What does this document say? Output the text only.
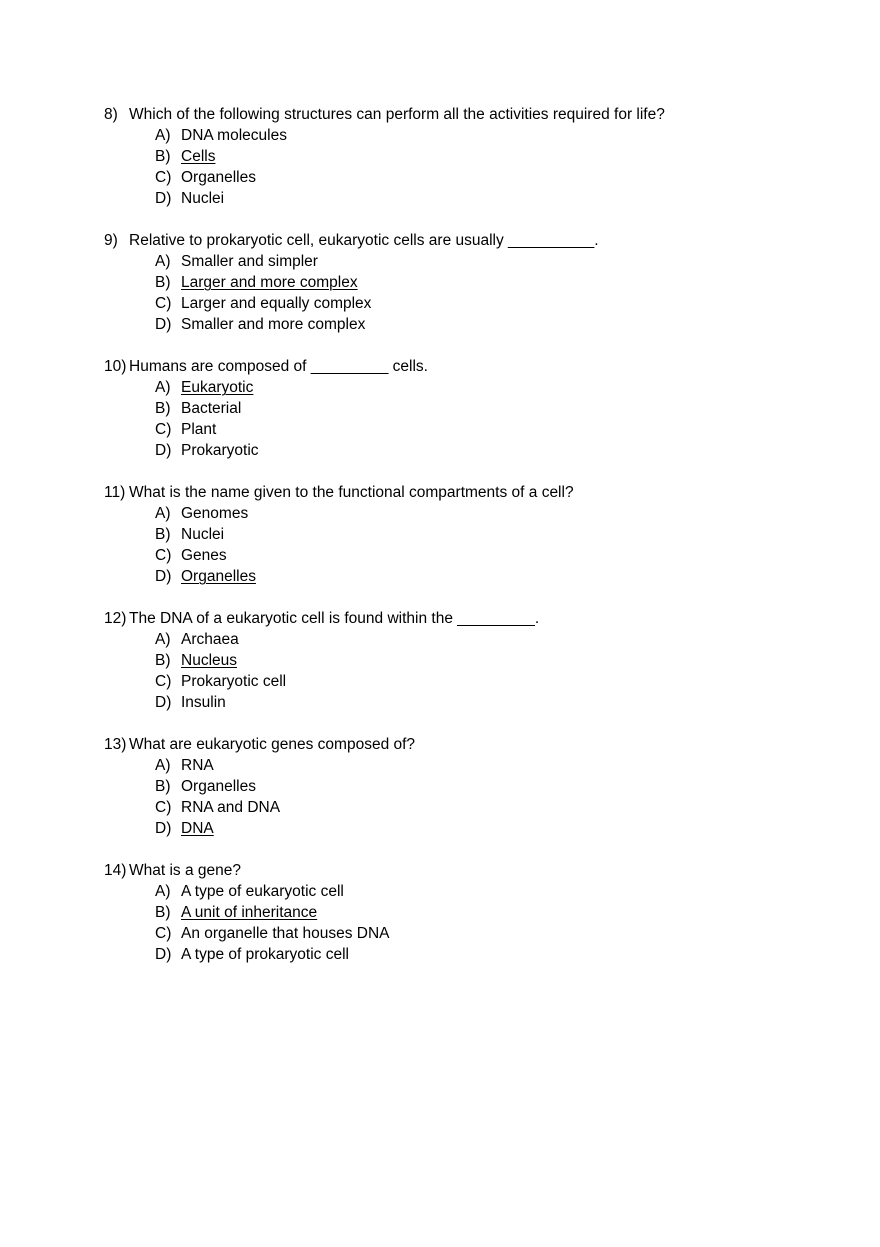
8) Which of the following structures can perform all the activities required for life?
A) DNA molecules
B) Cells
C) Organelles
D) Nuclei
9) Relative to prokaryotic cell, eukaryotic cells are usually __________.
A) Smaller and simpler
B) Larger and more complex
C) Larger and equally complex
D) Smaller and more complex
10) Humans are composed of _________ cells.
A) Eukaryotic
B) Bacterial
C) Plant
D) Prokaryotic
11) What is the name given to the functional compartments of a cell?
A) Genomes
B) Nuclei
C) Genes
D) Organelles
12) The DNA of a eukaryotic cell is found within the _________.
A) Archaea
B) Nucleus
C) Prokaryotic cell
D) Insulin
13) What are eukaryotic genes composed of?
A) RNA
B) Organelles
C) RNA and DNA
D) DNA
14) What is a gene?
A) A type of eukaryotic cell
B) A unit of inheritance
C) An organelle that houses DNA
D) A type of prokaryotic cell
